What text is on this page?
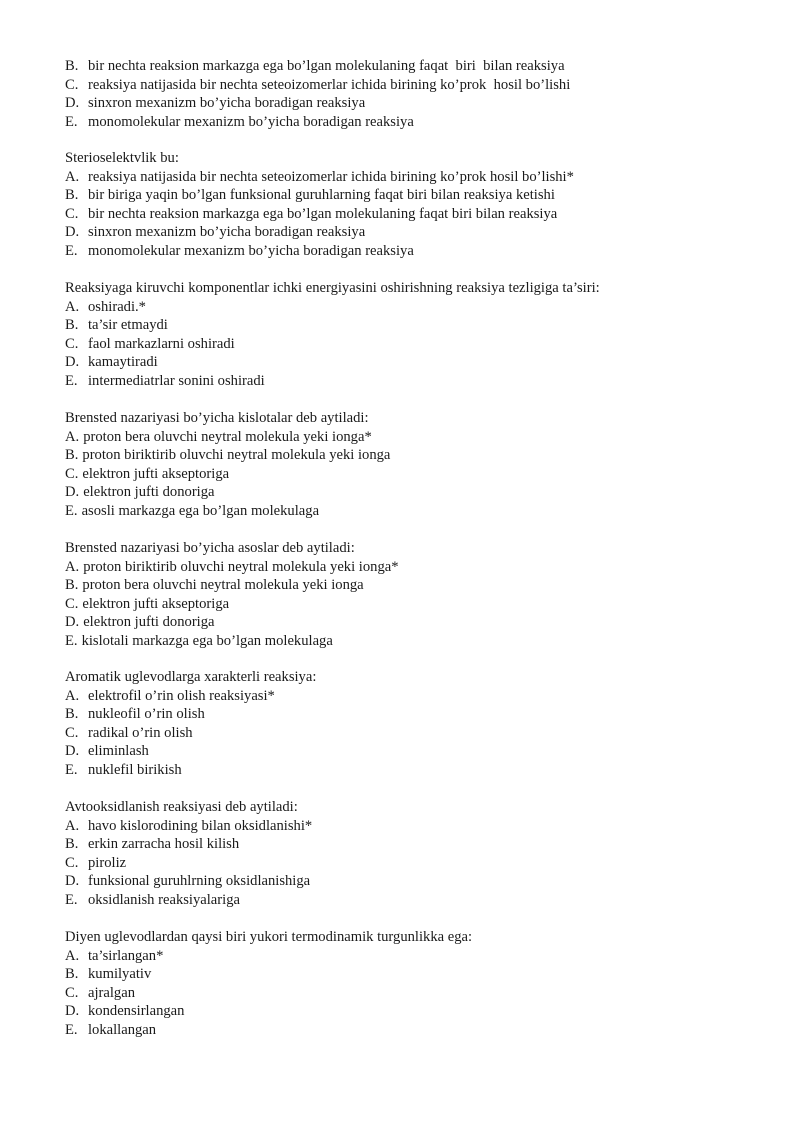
B. bir nechta reaksion markazga ega bo’lgan molekulaning faqat  biri  bilan reaksiya
C. reaksiya natijasida bir nechta seteoizomerlar ichida birining ko’prok  hosil bo’lishi
D. sinxron mexanizm bo’yicha boradigan reaksiya
E. monomolekular mexanizm bo’yicha boradigan reaksiya
Sterioselektvlik bu:
A. reaksiya natijasida bir nechta seteoizomerlar ichida birining ko’prok hosil bo’lishi*
B. bir biriga yaqin bo’lgan funksional guruhlarning faqat biri bilan reaksiya ketishi
C. bir nechta reaksion markazga ega bo’lgan molekulaning faqat biri bilan reaksiya
D. sinxron mexanizm bo’yicha boradigan reaksiya
E. monomolekular mexanizm bo’yicha boradigan reaksiya
Reaksiyaga kiruvchi komponentlar ichki energiyasini oshirishning reaksiya tezligiga ta’siri:
A. oshiradi.*
B. ta’sir etmaydi
C. faol markazlarni oshiradi
D. kamaytiradi
E. intermediatrlar sonini oshiradi
Brensted nazariyasi bo’yicha kislotalar deb aytiladi:
A. proton bera oluvchi neytral molekula yeki ionga*
B. proton biriktirib oluvchi neytral molekula yeki ionga
C. elektron jufti akseptoriga
D. elektron jufti donoriga
E. asosli markazga ega bo’lgan molekulaga
Brensted nazariyasi bo’yicha asoslar deb aytiladi:
A. proton biriktirib oluvchi neytral molekula yeki ionga*
B. proton bera oluvchi neytral molekula yeki ionga
C. elektron jufti akseptoriga
D. elektron jufti donoriga
E. kislotali markazga ega bo’lgan molekulaga
Aromatik uglevodlarga xarakterli reaksiya:
A. elektrofil o’rin olish reaksiyasi*
B. nukleofil o’rin olish
C. radikal o’rin olish
D. eliminlash
E. nuklefil birikish
Avtooksidlanish reaksiyasi deb aytiladi:
A. havo kislorodining bilan oksidlanishi*
B. erkin zarracha hosil kilish
C. piroliz
D. funksional guruhlrning oksidlanishiga
E. oksidlanish reaksiyalariga
Diyen uglevodlardan qaysi biri yukori termodinamik turgunlikka ega:
A. ta’sirlangan*
B. kumilyativ
C. ajralgan
D. kondensirlangan
E. lokallangan
